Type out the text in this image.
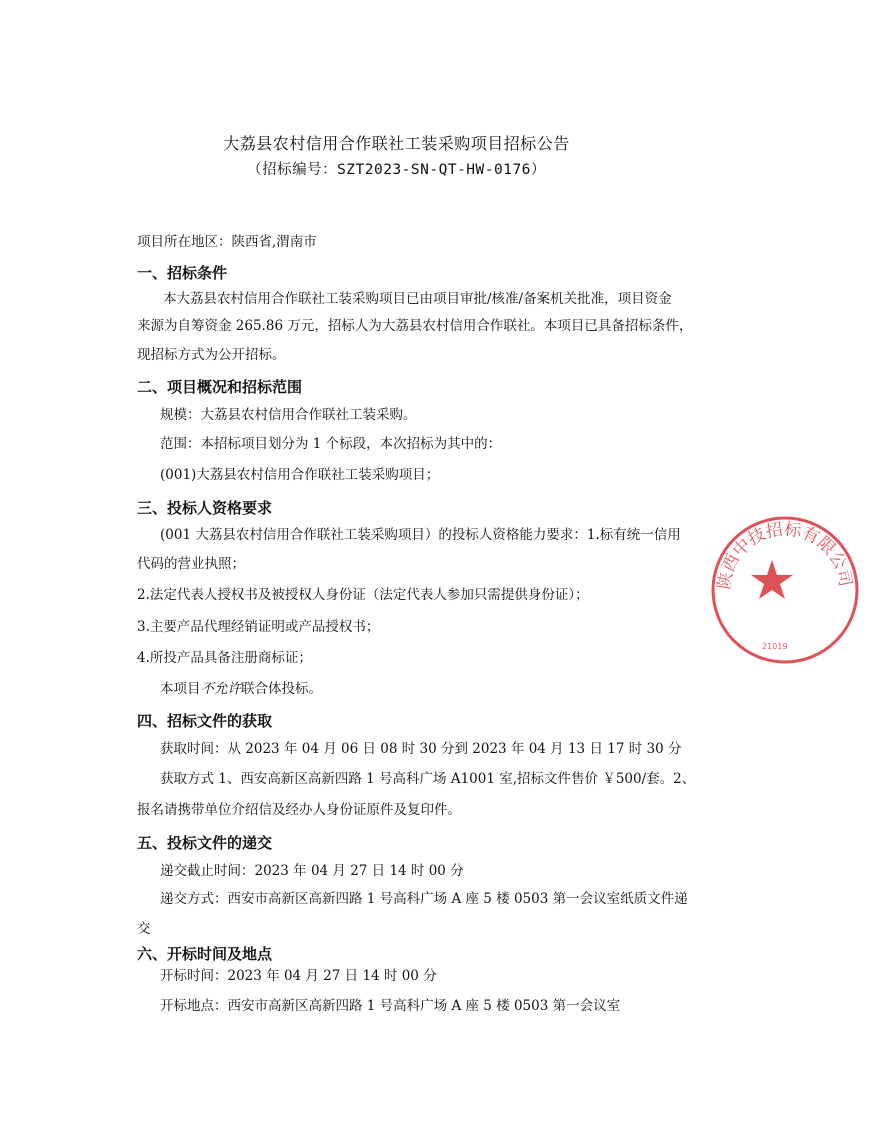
大荔县农村信用合作联社工装采购项目招标公告
（招标编号：SZT2023-SN-QT-HW-0176）
项目所在地区：陕西省,渭南市
一、招标条件
本大荔县农村信用合作联社工装采购项目已由项目审批/核准/备案机关批准，项目资金
来源为自筹资金 265.86 万元，招标人为大荔县农村信用合作联社。本项目已具备招标条件，
现招标方式为公开招标。
二、项目概况和招标范围
规模：大荔县农村信用合作联社工装采购。
范围：本招标项目划分为 1 个标段，本次招标为其中的：
(001)大荔县农村信用合作联社工装采购项目；
三、投标人资格要求
(001 大荔县农村信用合作联社工装采购项目）的投标人资格能力要求：1.标有统一信用
代码的营业执照；
2.法定代表人授权书及被授权人身份证（法定代表人参加只需提供身份证）；
3.主要产品代理经销证明或产品授权书；
4.所投产品具备注册商标证；
本项目不允许联合体投标。
四、招标文件的获取
获取时间：从 2023 年 04 月 06 日 08 时 30 分到 2023 年 04 月 13 日 17 时 30 分
获取方式 1、西安高新区高新四路 1 号高科广场 A1001 室,招标文件售价 ￥500/套。2、
报名请携带单位介绍信及经办人身份证原件及复印件。
五、投标文件的递交
递交截止时间：2023 年 04 月 27 日 14 时 00 分
递交方式：西安市高新区高新四路 1 号高科广场 A 座 5 楼 0503 第一会议室纸质文件递
交
六、开标时间及地点
开标时间：2023 年 04 月 27 日 14 时 00 分
开标地点：西安市高新区高新四路 1 号高科广场 A 座 5 楼 0503 第一会议室
陕西中技招标有限公司
21019
